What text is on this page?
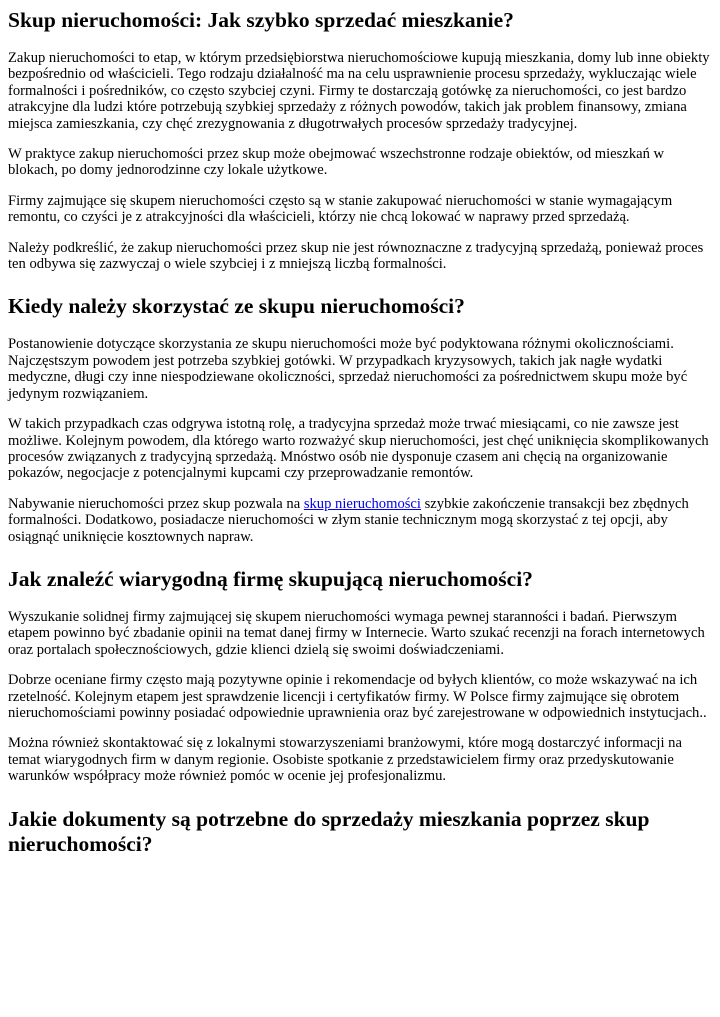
Skup nieruchomości: Jak szybko sprzedać mieszkanie?

Zakup nieruchomości to etap, w którym przedsiębiorstwa nieruchomościowe kupują mieszkania, domy lub inne obiekty bezpośrednio od właścicieli. Tego rodzaju działalność ma na celu usprawnienie procesu sprzedaży, wykluczając wiele formalności i pośredników, co często szybciej czyni. Firmy te dostarczają gotówkę za nieruchomości, co jest bardzo atrakcyjne dla ludzi które potrzebują szybkiej sprzedaży z różnych powodów, takich jak problem finansowy, zmiana miejsca zamieszkania, czy chęć zrezygnowania z długotrwałych procesów sprzedaży tradycyjnej.

W praktyce zakup nieruchomości przez skup może obejmować wszechstronne rodzaje obiektów, od mieszkań w blokach, po domy jednorodzinne czy lokale użytkowe.

Firmy zajmujące się skupem nieruchomości często są w stanie zakupować nieruchomości w stanie wymagającym remontu, co czyści je z atrakcyjności dla właścicieli, którzy nie chcą lokować w naprawy przed sprzedażą.

Należy podkreślić, że zakup nieruchomości przez skup nie jest równoznaczne z tradycyjną sprzedażą, ponieważ proces ten odbywa się zazwyczaj o wiele szybciej i z mniejszą liczbą formalności.

Kiedy należy skorzystać ze skupu nieruchomości?

Postanowienie dotyczące skorzystania ze skupu nieruchomości może być podyktowana różnymi okolicznościami. Najczęstszym powodem jest potrzeba szybkiej gotówki. W przypadkach kryzysowych, takich jak nagłe wydatki medyczne, długi czy inne niespodziewane okoliczności, sprzedaż nieruchomości za pośrednictwem skupu może być jedynym rozwiązaniem.

W takich przypadkach czas odgrywa istotną rolę, a tradycyjna sprzedaż może trwać miesiącami, co nie zawsze jest możliwe. Kolejnym powodem, dla którego warto rozważyć skup nieruchomości, jest chęć uniknięcia skomplikowanych procesów związanych z tradycyjną sprzedażą. Mnóstwo osób nie dysponuje czasem ani chęcią na organizowanie pokazów, negocjacje z potencjalnymi kupcami czy przeprowadzanie remontów.

Nabywanie nieruchomości przez skup pozwala na skup nieruchomości szybkie zakończenie transakcji bez zbędnych formalności. Dodatkowo, posiadacze nieruchomości w złym stanie technicznym mogą skorzystać z tej opcji, aby osiągnąć uniknięcie kosztownych napraw.

Jak znaleźć wiarygodną firmę skupującą nieruchomości?

Wyszukanie solidnej firmy zajmującej się skupem nieruchomości wymaga pewnej staranności i badań. Pierwszym etapem powinno być zbadanie opinii na temat danej firmy w Internecie. Warto szukać recenzji na forach internetowych oraz portalach społecznościowych, gdzie klienci dzielą się swoimi doświadczeniami.

Dobrze oceniane firmy często mają pozytywne opinie i rekomendacje od byłych klientów, co może wskazywać na ich rzetelność. Kolejnym etapem jest sprawdzenie licencji i certyfikatów firmy. W Polsce firmy zajmujące się obrotem nieruchomościami powinny posiadać odpowiednie uprawnienia oraz być zarejestrowane w odpowiednich instytucjach..

Można również skontaktować się z lokalnymi stowarzyszeniami branżowymi, które mogą dostarczyć informacji na temat wiarygodnych firm w danym regionie. Osobiste spotkanie z przedstawicielem firmy oraz przedyskutowanie warunków współpracy może również pomóc w ocenie jej profesjonalizmu.

Jakie dokumenty są potrzebne do sprzedaży mieszkania poprzez skup nieruchomości?
